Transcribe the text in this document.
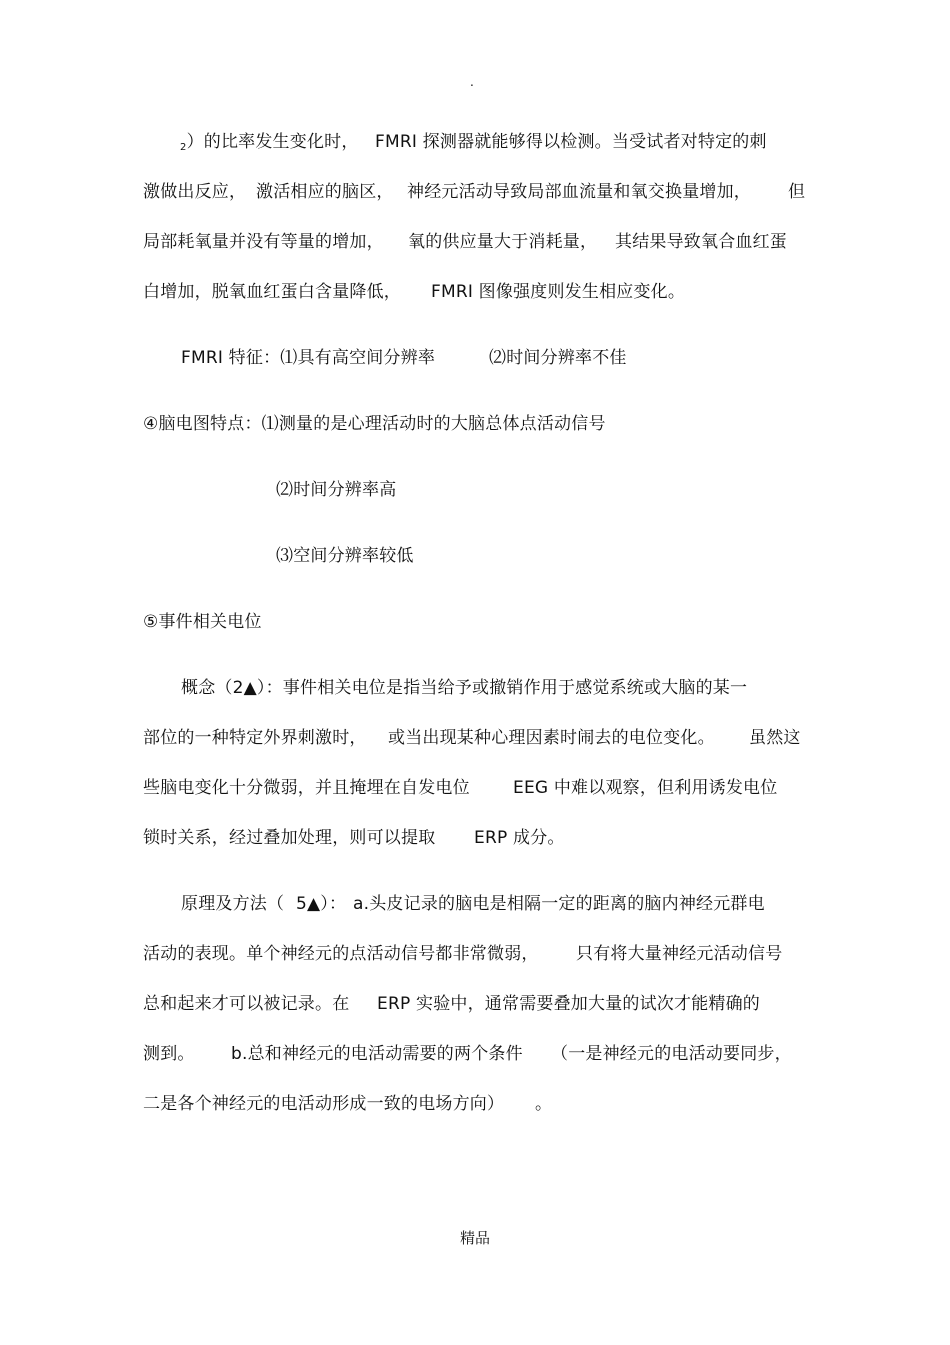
.
$_2$）的比率发生变化时， FMRI 探测器就能够得以检测。当受试者对特定的刺
激做出反应， 激活相应的脑区， 神经元活动导致局部血流量和氧交换量增加， 但
局部耗氧量并没有等量的增加， 氧的供应量大于消耗量， 其结果导致氧合血红蛋
白增加，脱氧血红蛋白含量降低， FMRI 图像强度则发生相应变化。
FMRI 特征：⑴具有高空间分辨率	⑵时间分辨率不佳
④脑电图特点：⑴测量的是心理活动时的大脑总体点活动信号
⑵时间分辨率高
⑶空间分辨率较低
⑤事件相关电位
概念（2▲）：事件相关电位是指当给予或撤销作用于感觉系统或大脑的某一
部位的一种特定外界刺激时， 或当出现某种心理因素时闹去的电位变化。 虽然这
些脑电变化十分微弱，并且掩埋在自发电位	EEG 中难以观察，但利用诱发电位
锁时关系，经过叠加处理，则可以提取 ERP 成分。
原理及方法（ 5▲）： a.头皮记录的脑电是相隔一定的距离的脑内神经元群电
活动的表现。单个神经元的点活动信号都非常微弱， 只有将大量神经元活动信号
总和起来才可以被记录。在 ERP 实验中，通常需要叠加大量的试次才能精确的
测到。 b.总和神经元的电活动需要的两个条件 （一是神经元的电活动要同步，
二是各个神经元的电活动形成一致的电场方向） 。
精品
